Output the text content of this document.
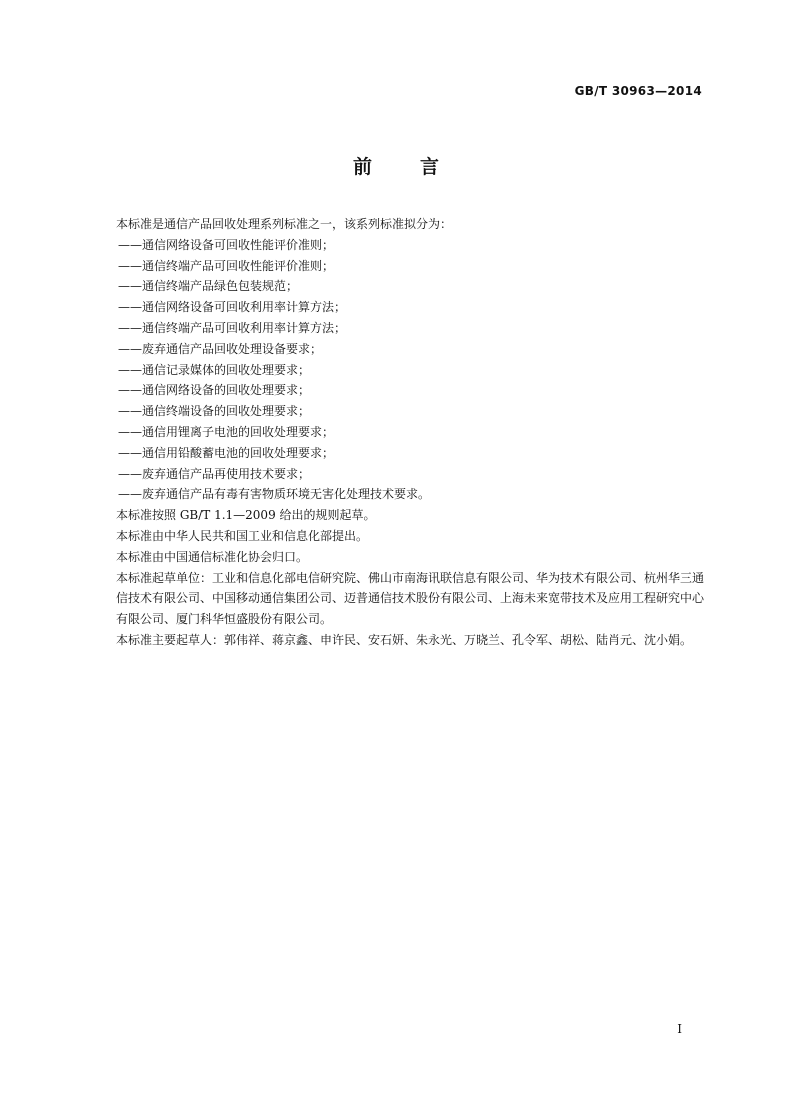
GB/T 30963—2014
前	言

本标准是通信产品回收处理系列标准之一，该系列标准拟分为：

——通信网络设备可回收性能评价准则；

——通信终端产品可回收性能评价准则；

——通信终端产品绿色包装规范；

——通信网络设备可回收利用率计算方法；

——通信终端产品可回收利用率计算方法；

——废弃通信产品回收处理设备要求；

——通信记录媒体的回收处理要求；

——通信网络设备的回收处理要求；

——通信终端设备的回收处理要求；

——通信用锂离子电池的回收处理要求；

——通信用铅酸蓄电池的回收处理要求；

——废弃通信产品再使用技术要求；

——废弃通信产品有毒有害物质环境无害化处理技术要求。

本标准按照 GB/T 1.1—2009 给出的规则起草。

本标准由中华人民共和国工业和信息化部提出。

本标准由中国通信标准化协会归口。

本标准起草单位：工业和信息化部电信研究院、佛山市南海讯联信息有限公司、华为技术有限公司、杭州华三通信技术有限公司、中国移动通信集团公司、迈普通信技术股份有限公司、上海未来宽带技术及应用工程研究中心有限公司、厦门科华恒盛股份有限公司。

本标准主要起草人：郭伟祥、蒋京鑫、申许民、安石妍、朱永光、万晓兰、孔令军、胡松、陆肖元、沈小娟。

I
